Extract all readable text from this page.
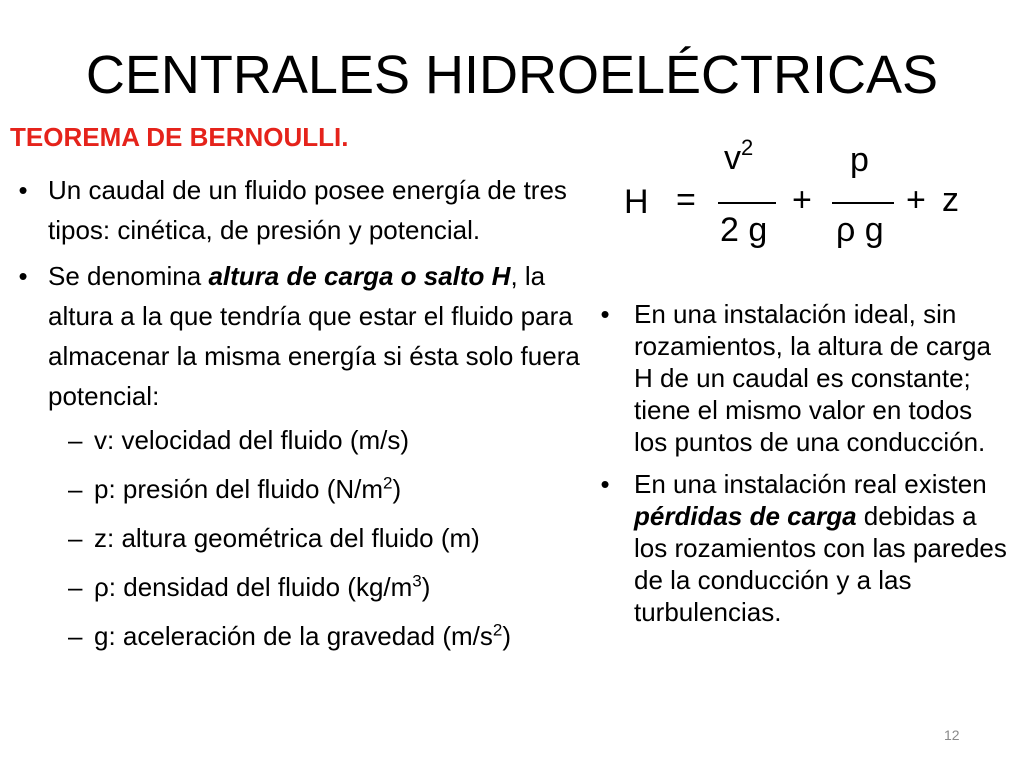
CENTRALES HIDROELÉCTRICAS
TEOREMA DE BERNOULLI.
• Un caudal de un fluido posee energía de tres tipos: cinética, de presión y potencial.
• Se denomina altura de carga o salto H, la altura a la que tendría que estar el fluido para almacenar la misma energía si ésta solo fuera potencial:
– v: velocidad del fluido (m/s)
– p: presión del fluido $(N/m^2)$
– z: altura geométrica del fluido (m)
– ρ: densidad del fluido $(kg/m^3)$
– g: aceleración de la gravedad $(m/s^2)$
H =
$v^2$
2 g
+
p
ρ g
+ z
• En una instalación ideal, sin rozamientos, la altura de carga H de un caudal es constante; tiene el mismo valor en todos los puntos de una conducción.
• En una instalación real existen pérdidas de carga debidas a los rozamientos con las paredes de la conducción y a las turbulencias.
12
